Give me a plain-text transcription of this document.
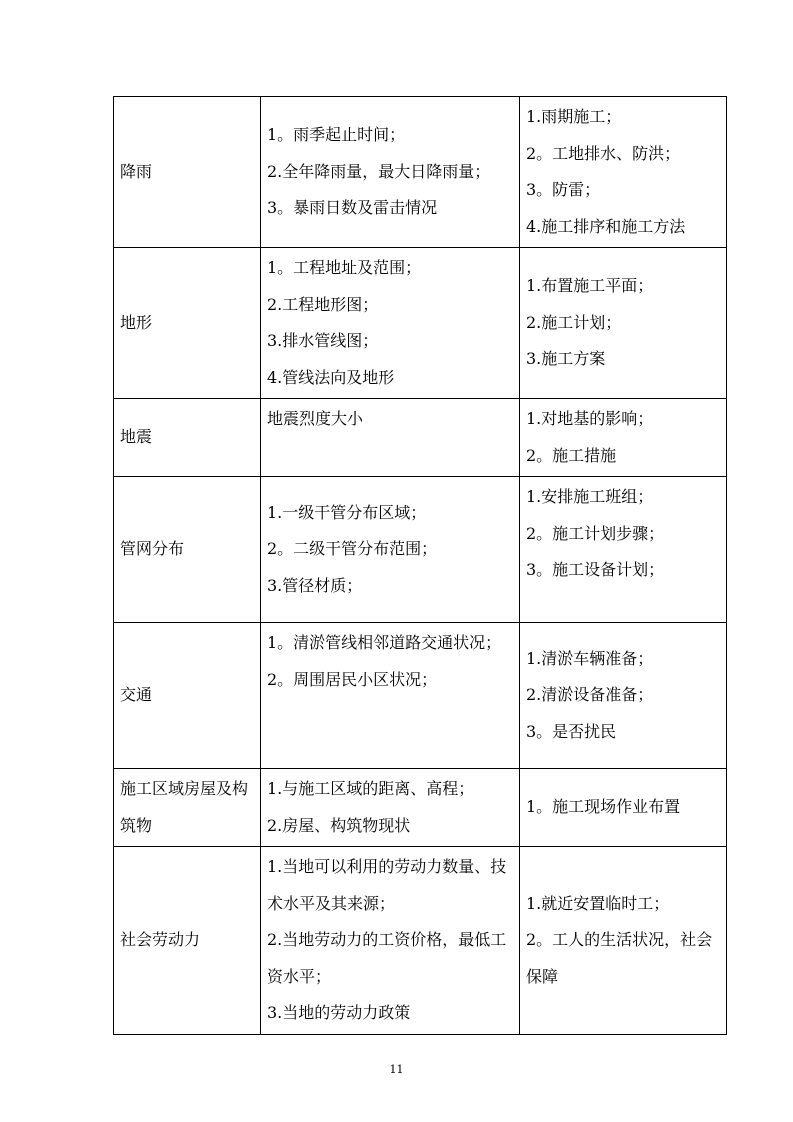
降雨	1。雨季起止时间；
2.全年降雨量，最大日降雨量；
3。暴雨日数及雷击情况	1.雨期施工；
2。工地排水、防洪；
3。防雷；
4.施工排序和施工方法

地形	1。工程地址及范围；
2.工程地形图；
3.排水管线图；
4.管线法向及地形	1.布置施工平面；
2.施工计划；
3.施工方案

地震	地震烈度大小	1.对地基的影响；
2。施工措施

管网分布	1.一级干管分布区域；
2。二级干管分布范围；
3.管径材质；	1.安排施工班组；
2。施工计划步骤；
3。施工设备计划；

交通	1。清淤管线相邻道路交通状况；
2。周围居民小区状况；	1.清淤车辆准备；
2.清淤设备准备；
3。是否扰民

施工区域房屋及构筑物	1.与施工区域的距离、高程；
2.房屋、构筑物现状	1。施工现场作业布置

社会劳动力	1.当地可以利用的劳动力数量、技术水平及其来源；
2.当地劳动力的工资价格，最低工资水平；
3.当地的劳动力政策	1.就近安置临时工；
2。工人的生活状况，社会保障
11
